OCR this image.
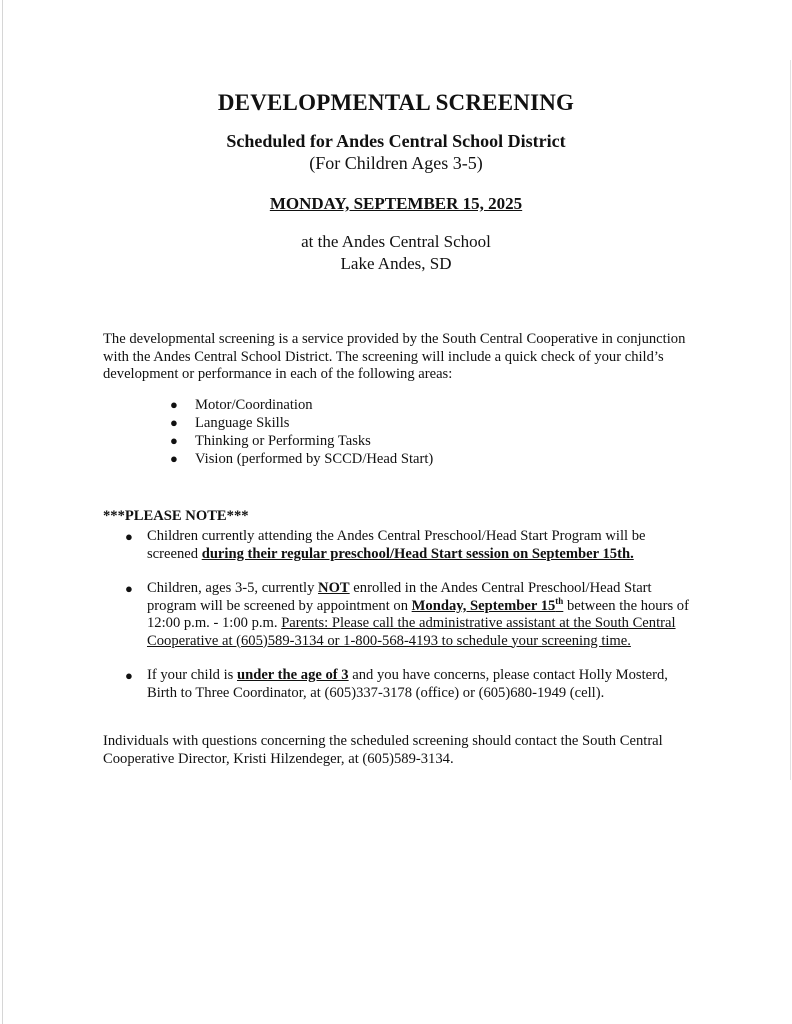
DEVELOPMENTAL SCREENING

Scheduled for Andes Central School District

(For Children Ages 3-5)

MONDAY, SEPTEMBER 15, 2025

at the Andes Central School

Lake Andes, SD

The developmental screening is a service provided by the South Central Cooperative in conjunction with the Andes Central School District. The screening will include a quick check of your child’s development or performance in each of the following areas:
● Motor/Coordination
● Language Skills
● Thinking or Performing Tasks
● Vision (performed by SCCD/Head Start)
***PLEASE NOTE***
● Children currently attending the Andes Central Preschool/Head Start Program will be screened during their regular preschool/Head Start session on September 15th.
● Children, ages 3-5, currently NOT enrolled in the Andes Central Preschool/Head Start program will be screened by appointment on Monday, September 15th between the hours of 12:00 p.m. - 1:00 p.m. Parents: Please call the administrative assistant at the South Central Cooperative at (605)589-3134 or 1-800-568-4193 to schedule your screening time.
● If your child is under the age of 3 and you have concerns, please contact Holly Mosterd, Birth to Three Coordinator, at (605)337-3178 (office) or (605)680-1949 (cell).
Individuals with questions concerning the scheduled screening should contact the South Central Cooperative Director, Kristi Hilzendeger, at (605)589-3134.
